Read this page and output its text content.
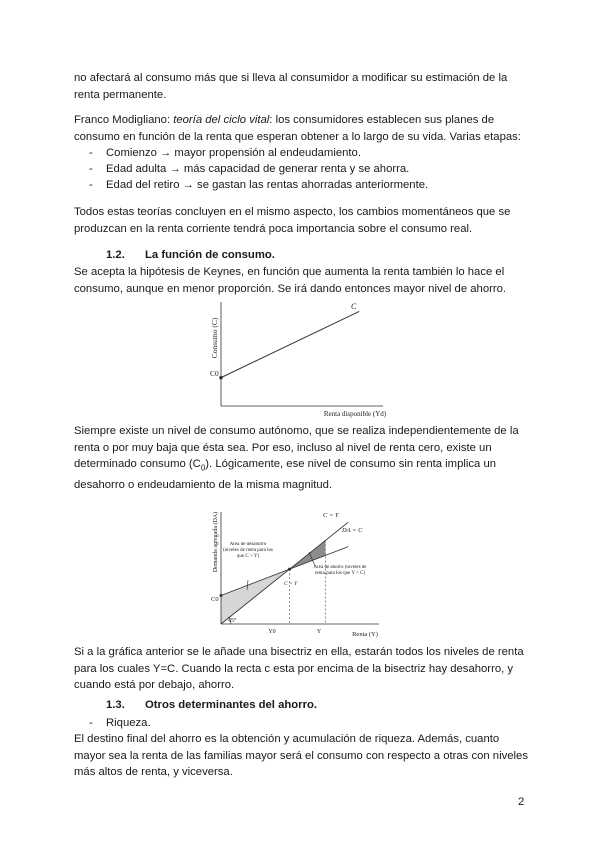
no afectará al consumo más que si lleva al consumidor a modificar su estimación de la renta permanente.
Franco Modigliano: teoría del ciclo vital: los consumidores establecen sus planes de consumo en función de la renta que esperan obtener a lo largo de su vida. Varias etapas:
- Comienzo → mayor propensión al endeudamiento.
- Edad adulta → más capacidad de generar renta y se ahorra.
- Edad del retiro → se gastan las rentas ahorradas anteriormente.
Todos estas teorías concluyen en el mismo aspecto, los cambios momentáneos que se produzcan en la renta corriente tendrá poca importancia sobre el consumo real.
1.2. La función de consumo.
Se acepta la hipótesis de Keynes, en función que aumenta la renta también lo hace el consumo, aunque en menor proporción. Se irá dando entonces mayor nivel de ahorro.
Consumo (C)
Renta disponible (Yd)
C0
C
Siempre existe un nivel de consumo autónomo, que se realiza independientemente de la renta o por muy baja que ésta sea. Por eso, incluso al nivel de renta cero, existe un determinado consumo $(C_0)$. Lógicamente, ese nivel de consumo sin renta implica un desahorro o endeudamiento de la misma magnitud.
Demanda agregada (DA)
Renta (Y)
C0
45°
Y0	Y
C = Y
DA = C
C = Y
Área de desahorro (niveles de renta para los que C > Y)
Área de ahorro (niveles de renta para los que Y > C)
Si a la gráfica anterior se le añade una bisectriz en ella, estarán todos los niveles de renta para los cuales Y=C. Cuando la recta c esta por encima de la bisectriz hay desahorro, y cuando está por debajo, ahorro.
1.3. Otros determinantes del ahorro.
- Riqueza.
El destino final del ahorro es la obtención y acumulación de riqueza. Además, cuanto mayor sea la renta de las familias mayor será el consumo con respecto a otras con niveles más altos de renta, y viceversa.
2
